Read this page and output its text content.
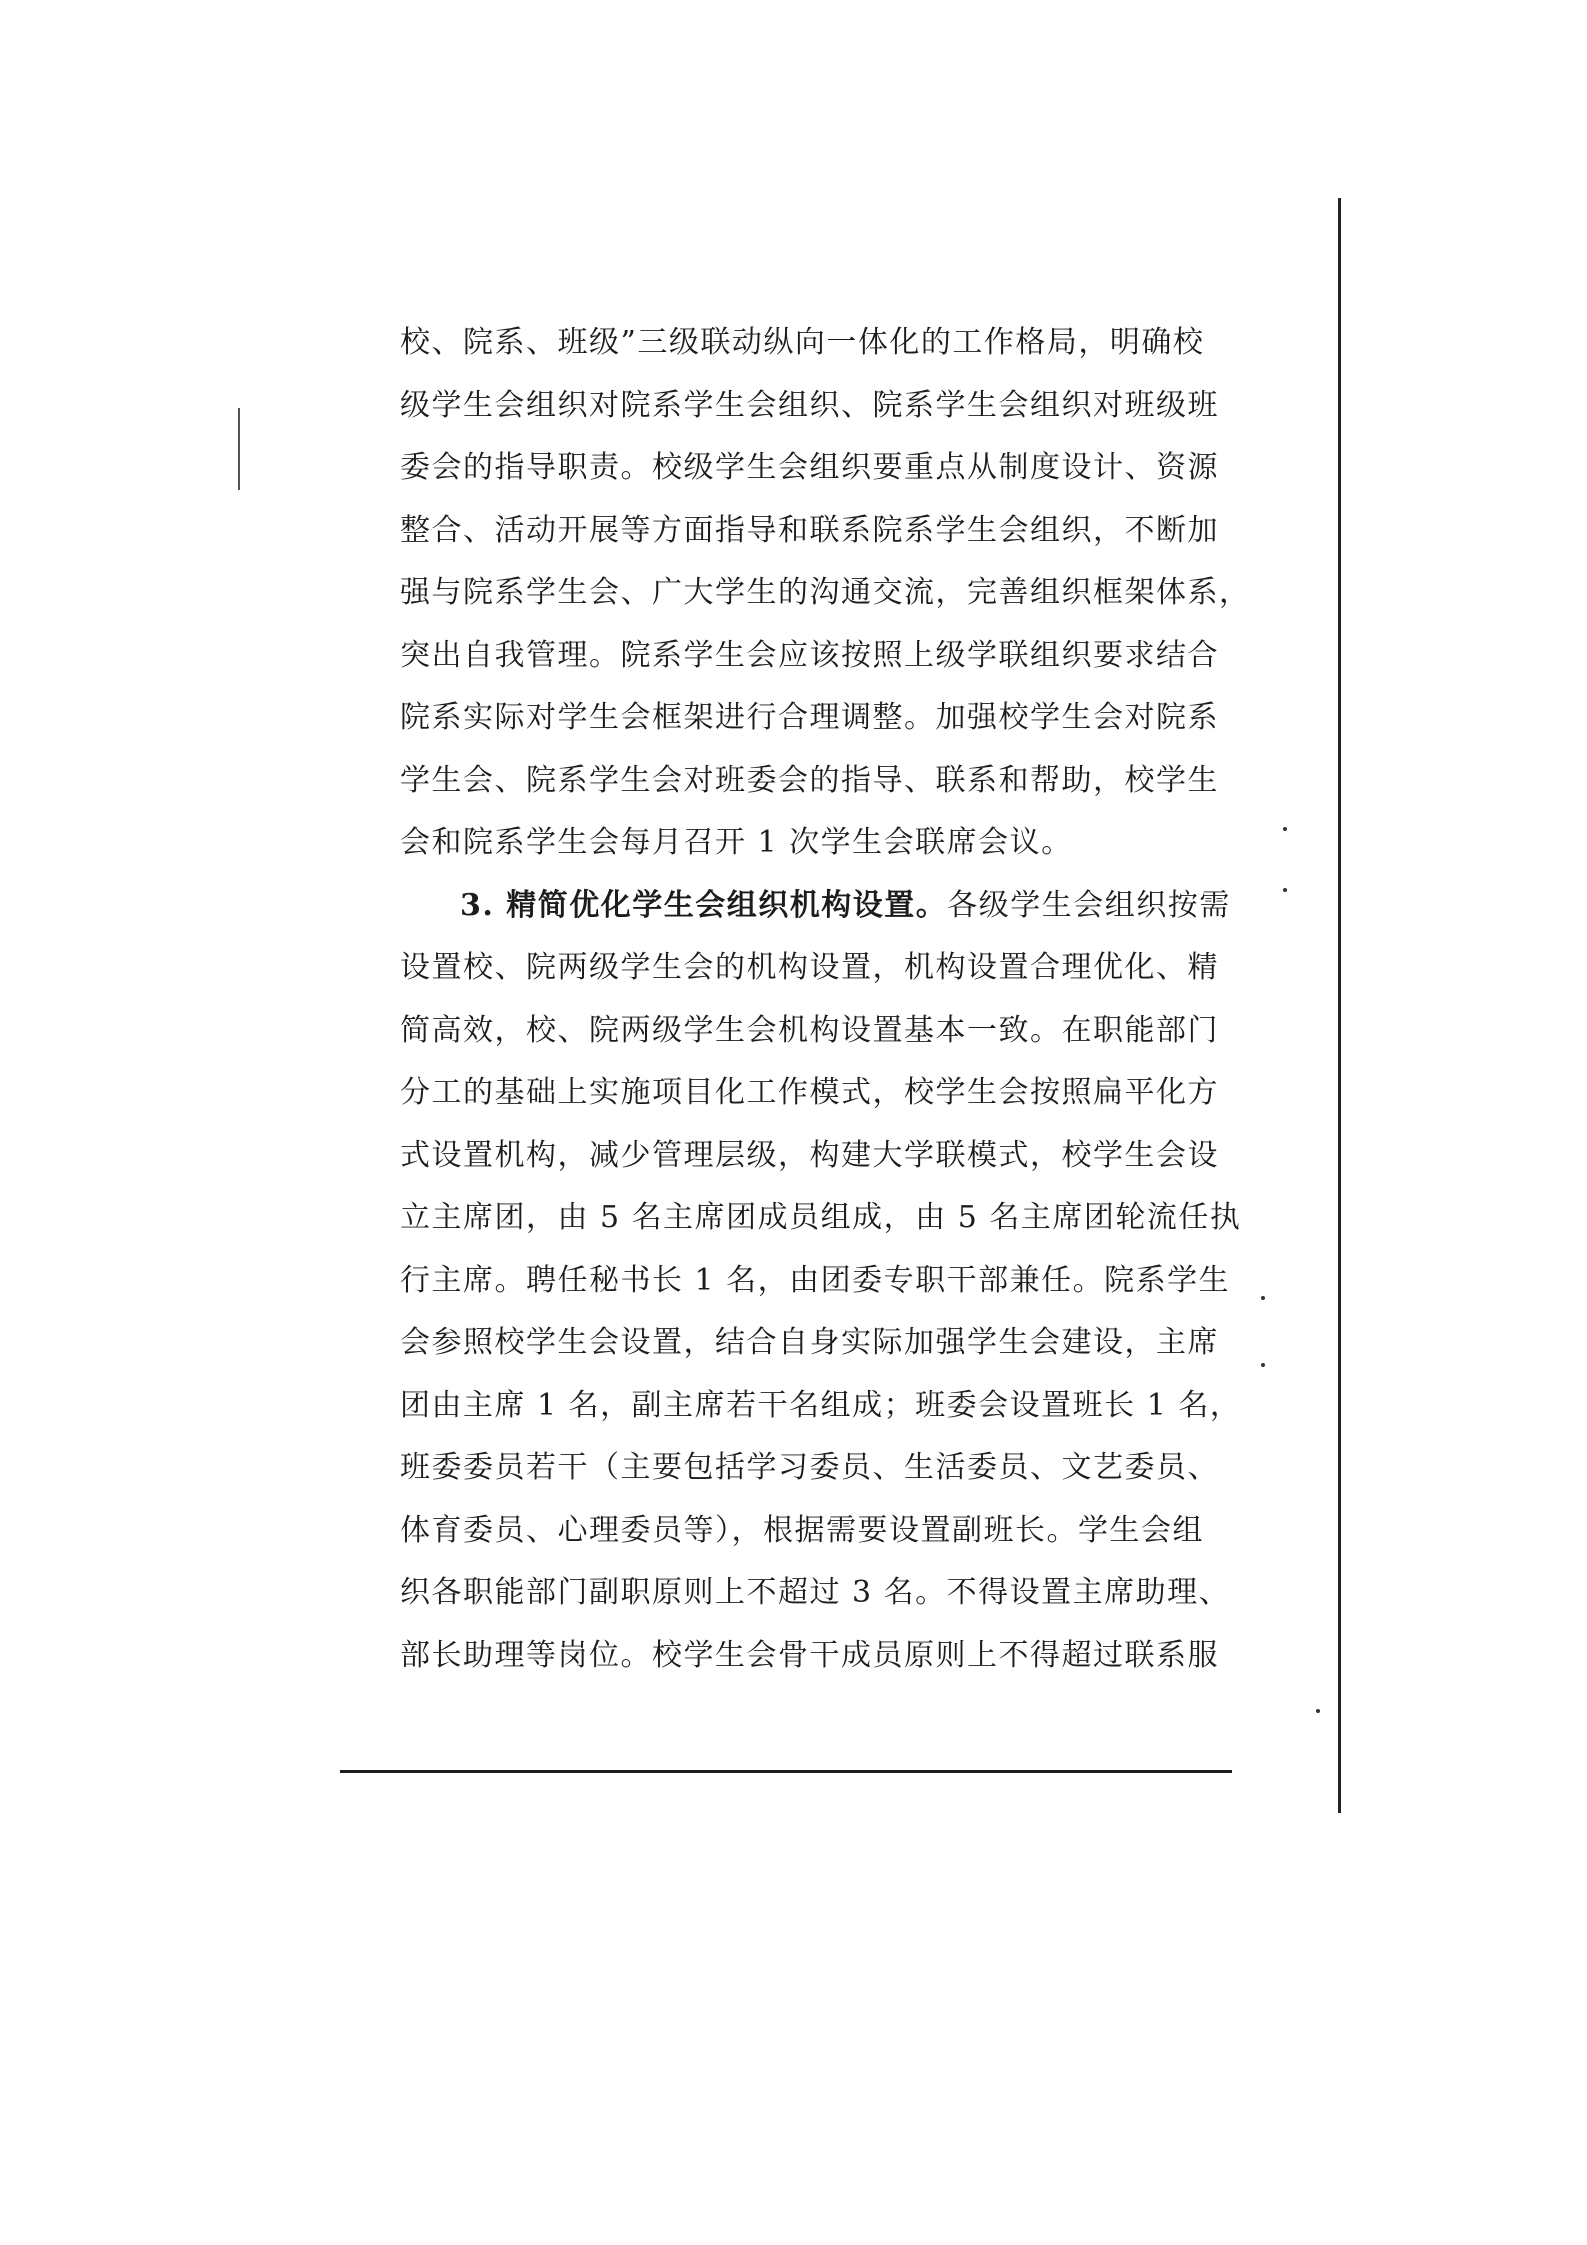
校、院系、班级”三级联动纵向一体化的工作格局，明确校
级学生会组织对院系学生会组织、院系学生会组织对班级班
委会的指导职责。校级学生会组织要重点从制度设计、资源
整合、活动开展等方面指导和联系院系学生会组织，不断加
强与院系学生会、广大学生的沟通交流，完善组织框架体系，
突出自我管理。院系学生会应该按照上级学联组织要求结合
院系实际对学生会框架进行合理调整。加强校学生会对院系
学生会、院系学生会对班委会的指导、联系和帮助，校学生
会和院系学生会每月召开 1 次学生会联席会议。
3. 精简优化学生会组织机构设置。各级学生会组织按需
设置校、院两级学生会的机构设置，机构设置合理优化、精
简高效，校、院两级学生会机构设置基本一致。在职能部门
分工的基础上实施项目化工作模式，校学生会按照扁平化方
式设置机构，减少管理层级，构建大学联模式，校学生会设
立主席团，由 5 名主席团成员组成，由 5 名主席团轮流任执
行主席。聘任秘书长 1 名，由团委专职干部兼任。院系学生
会参照校学生会设置，结合自身实际加强学生会建设，主席
团由主席 1 名，副主席若干名组成；班委会设置班长 1 名，
班委委员若干（主要包括学习委员、生活委员、文艺委员、
体育委员、心理委员等），根据需要设置副班长。学生会组
织各职能部门副职原则上不超过 3 名。不得设置主席助理、
部长助理等岗位。校学生会骨干成员原则上不得超过联系服
